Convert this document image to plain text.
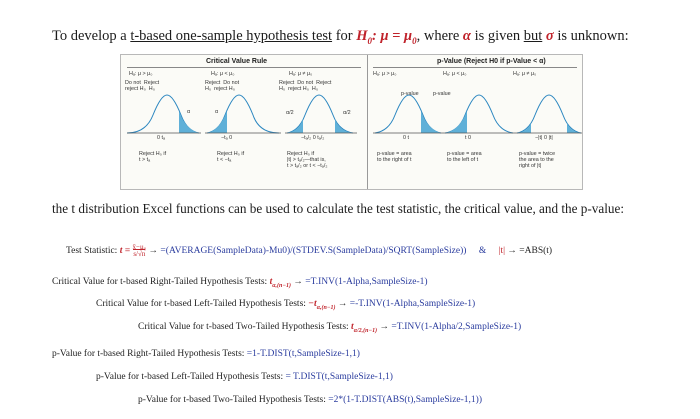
To develop a t-based one-sample hypothesis test for $H_0$: $\mu = \mu_0$, where α is given but σ is unknown:
Critical Value Rule	p-Value (Reject H0 if p-Value < α)
Hₐ: μ > μ₀	Hₐ: μ < μ₀	Hₐ: μ ≠ μ₀	Hₐ: μ > μ₀	Hₐ: μ < μ₀	Hₐ: μ ≠ μ₀
Do not  Reject
reject H₀  H₀
Reject  Do not
H₀  reject H₀
Reject  Do not  Reject
H₀  reject H₀  H₀
α	α	α/2	α/2
p-value	p-value
0 tₐ	−tₐ 0	−tₐ/₂ 0 tₐ/₂	0 t	t 0	−|t| 0 |t|
Reject H₀ if
t > tₐ
Reject H₀ if
t < −tₐ
Reject H₀ if
|t| > tₐ/₂—that is,
t > tₐ/₂ or t < −tₐ/₂
p-value = area
to the right of t
p-value = area
to the left of t
p-value = twice
the area to the
right of |t|
the t distribution Excel functions can be used to calculate the test statistic, the critical value, and the p-value:
Test Statistic: t = x̄−μ₀
s/√n → =(AVERAGE(SampleData)-Mu0)/(STDEV.S(SampleData)/SQRT(SampleSize)) & |t| → =ABS(t)
Critical Value for t-based Right-Tailed Hypothesis Tests: $t_{\alpha,(n-1)}$ → =T.INV(1-Alpha,SampleSize-1)
Critical Value for t-based Left-Tailed Hypothesis Tests: $-t_{\alpha,(n-1)}$ → =-T.INV(1-Alpha,SampleSize-1)
Critical Value for t-based Two-Tailed Hypothesis Tests: $t_{\alpha/2,(n-1)}$ → =T.INV(1-Alpha/2,SampleSize-1)
p-Value for t-based Right-Tailed Hypothesis Tests: =1-T.DIST(t,SampleSize-1,1)
p-Value for t-based Left-Tailed Hypothesis Tests: = T.DIST(t,SampleSize-1,1)
p-Value for t-based Two-Tailed Hypothesis Tests: =2*(1-T.DIST(ABS(t),SampleSize-1,1))
